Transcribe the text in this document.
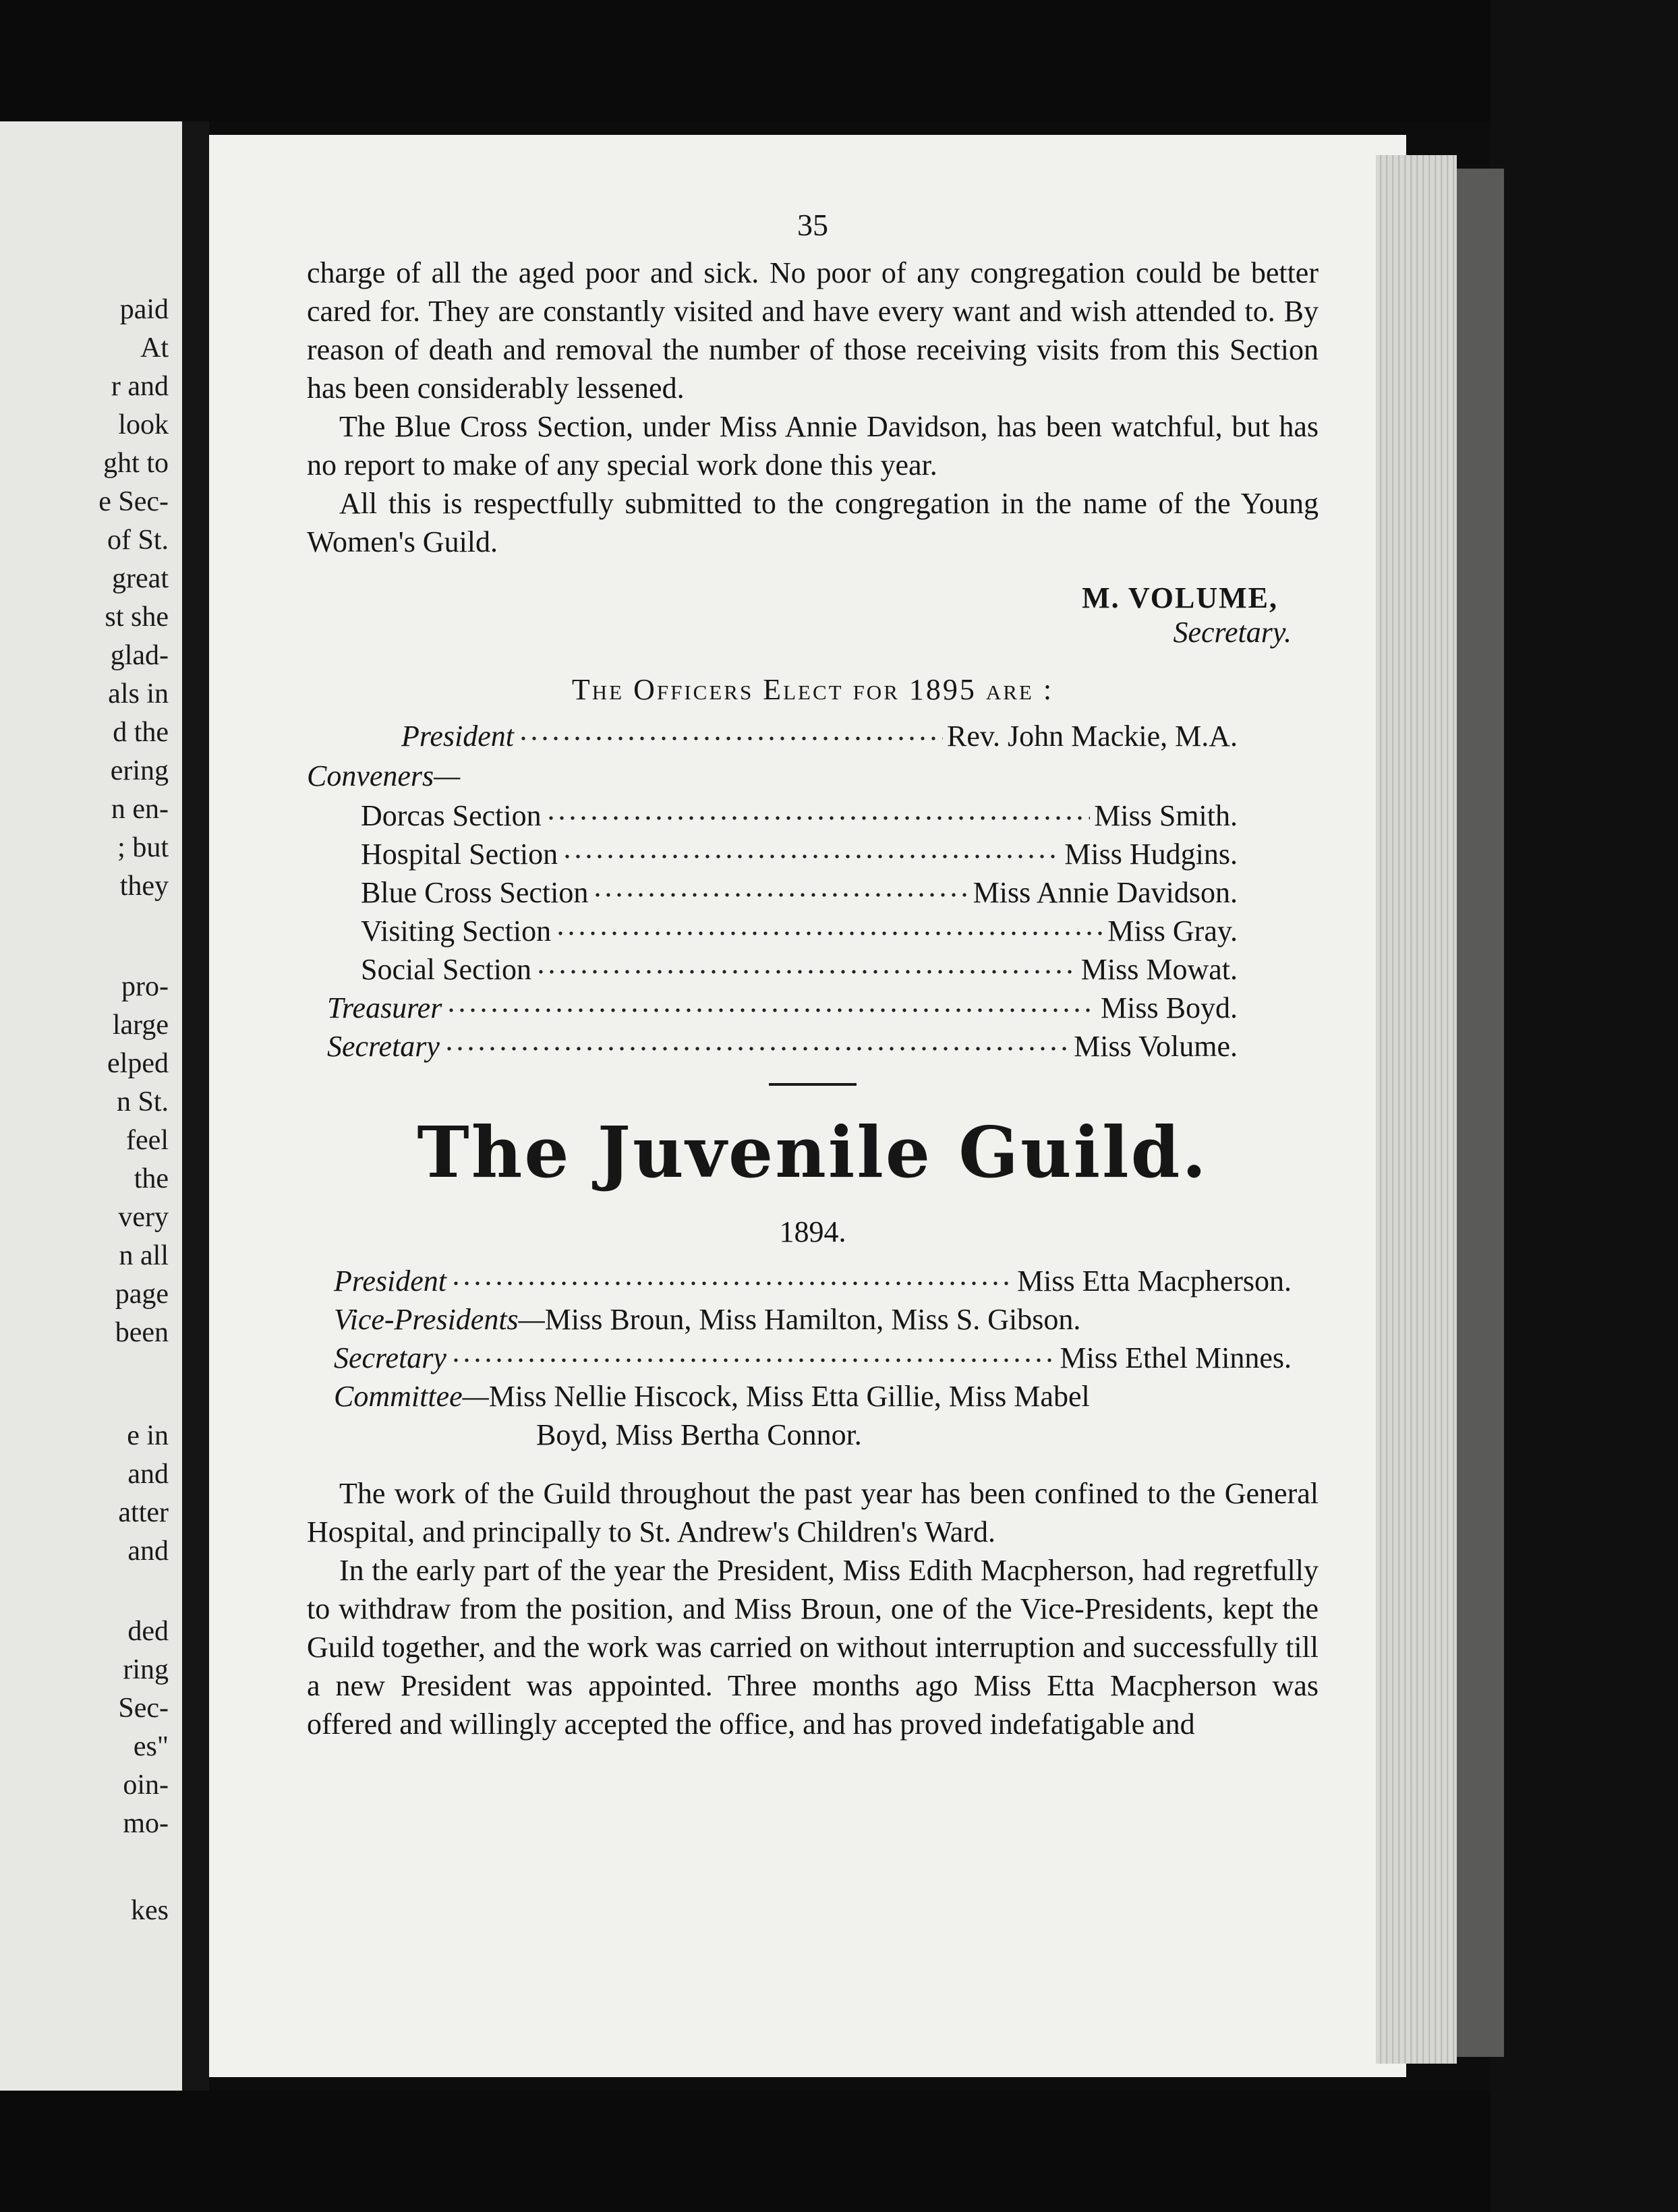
paid

At

r and

look

ght to

e Sec-

of St.

great

st she

glad-

als in

d the

ering

n en-

; but

they

pro-

large

elped

n St.

feel

the

very

n all

page

been

e in

and

atter

and

ded

ring

Sec-

es"

oin-

mo-

kes

35

charge of all the aged poor and sick. No poor of any congregation could be better cared for. They are constantly visited and have every want and wish attended to. By reason of death and removal the number of those receiving visits from this Section has been considerably lessened.

The Blue Cross Section, under Miss Annie Davidson, has been watchful, but has no report to make of any special work done this year.

All this is respectfully submitted to the congregation in the name of the Young Women's Guild.

M. VOLUME,
Secretary.
The Officers Elect for 1895 are :
President	Rev. John Mackie, M.A.
Conveners—
Dorcas Section	Miss Smith.
Hospital Section	Miss Hudgins.
Blue Cross Section	Miss Annie Davidson.
Visiting Section	Miss Gray.
Social Section	Miss Mowat.
Treasurer	Miss Boyd.
Secretary	Miss Volume.
The Juvenile Guild.
1894.
President	Miss Etta Macpherson.
Vice-Presidents—Miss Broun, Miss Hamilton, Miss S. Gibson.
Secretary	Miss Ethel Minnes.
Committee—Miss Nellie Hiscock, Miss Etta Gillie, Miss Mabel
Boyd, Miss Bertha Connor.

The work of the Guild throughout the past year has been confined to the General Hospital, and principally to St. Andrew's Children's Ward.

In the early part of the year the President, Miss Edith Macpherson, had regretfully to withdraw from the position, and Miss Broun, one of the Vice-Presidents, kept the Guild together, and the work was carried on without interruption and successfully till a new President was appointed. Three months ago Miss Etta Macpherson was offered and willingly accepted the office, and has proved indefatigable and
